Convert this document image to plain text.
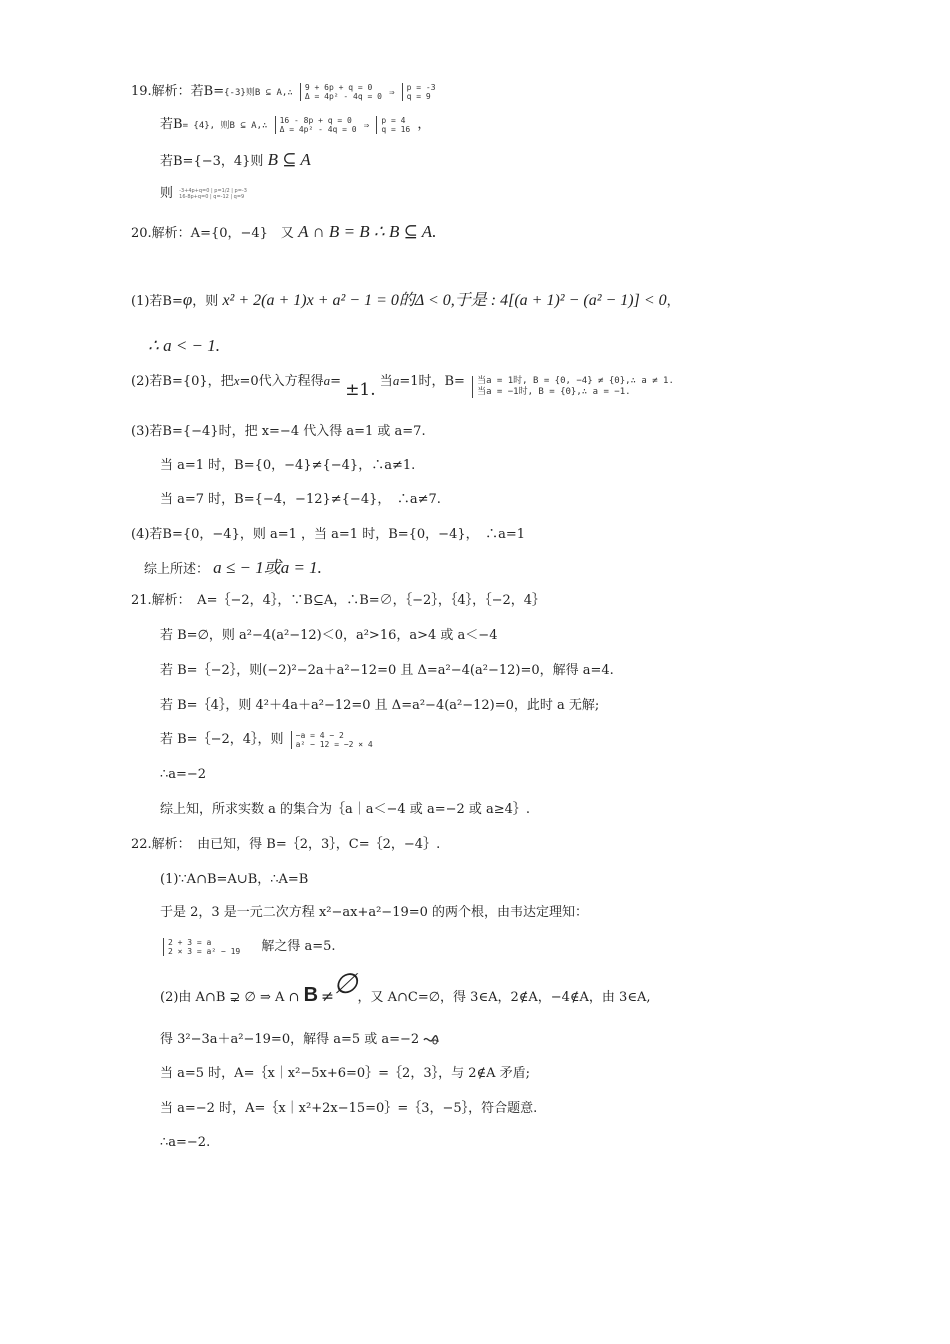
19.解析：若B={-3}则B ⊆ A,∴ 9 + 6p + q = 0
Δ = 4p² - 4q = 0 ⇒ p = -3
q = 9
若B= {4}, 则B ⊆ A,∴ 16 - 8p + q = 0
Δ = 4p² - 4q = 0 ⇒ p = 4
q = 16 ，
若B={−3，4}则 B ⊆ A
则 -3+4p+q=0 | p=1/2 | p=-3
16-8p+q=0 | q=-12 | q=9
20.解析：A={0，−4}　又 A ∩ B = B ∴ B ⊆ A.
(1)若B=φ，则 x² + 2(a + 1)x + a² − 1 = 0的Δ < 0,于是 : 4[(a + 1)² − (a² − 1)] < 0，
∴ a < − 1.
(2)若B={0}，把x=0代入方程得a= ±1. 当a=1时，B= 当a = 1时, B = {0, −4} ≠ {0},∴ a ≠ 1.
当a = −1时, B = {0},∴ a = −1.
(3)若B={−4}时，把 x=−4 代入得 a=1 或 a=7.
当 a=1 时，B={0，−4}≠{−4}，∴a≠1.
当 a=7 时，B={−4，−12}≠{−4}，　∴a≠7.
(4)若B={0，−4}，则 a=1 ，当 a=1 时，B={0，−4}，　∴a=1
综上所述： a ≤ − 1或a = 1.
21.解析：　A=｛−2，4｝，∵B⊆A，∴B=∅，｛−2｝，｛4｝，｛−2，4｝
若 B=∅，则 a²−4(a²−12)＜0，a²>16，a>4 或 a＜−4
若 B=｛−2｝，则(−2)²−2a＋a²−12=0 且 Δ=a²−4(a²−12)=0，解得 a=4.
若 B=｛4｝，则 4²＋4a＋a²−12=0 且 Δ=a²−4(a²−12)=0，此时 a 无解;
若 B=｛−2，4｝，则 −a = 4 − 2
a² − 12 = −2 × 4
∴a=−2
综上知，所求实数 a 的集合为｛a｜a＜−4 或 a=−2 或 a≥4｝.
22.解析：　由已知，得 B=｛2，3｝，C=｛2，−4｝.
(1)∵A∩B=A∪B，∴A=B
于是 2，3 是一元二次方程 x²−ax+a²−19=0 的两个根，由韦达定理知：
2 + 3 = a
2 × 3 = a² − 19 解之得 a=5.
(2)由 A∩B ⊋ ∅ ⇒ A ∩ B ≠∅，又 A∩C=∅，得 3∈A，2∉A，−4∉A，由 3∈A,
得 3²−3a＋a²−19=0，解得 a=5 或 a=−2
当 a=5 时，A=｛x｜x²−5x+6=0｝=｛2，3｝，与 2∉A 矛盾;
当 a=−2 时，A=｛x｜x²+2x−15=0｝=｛3，−5｝，符合题意.
∴a=−2.
